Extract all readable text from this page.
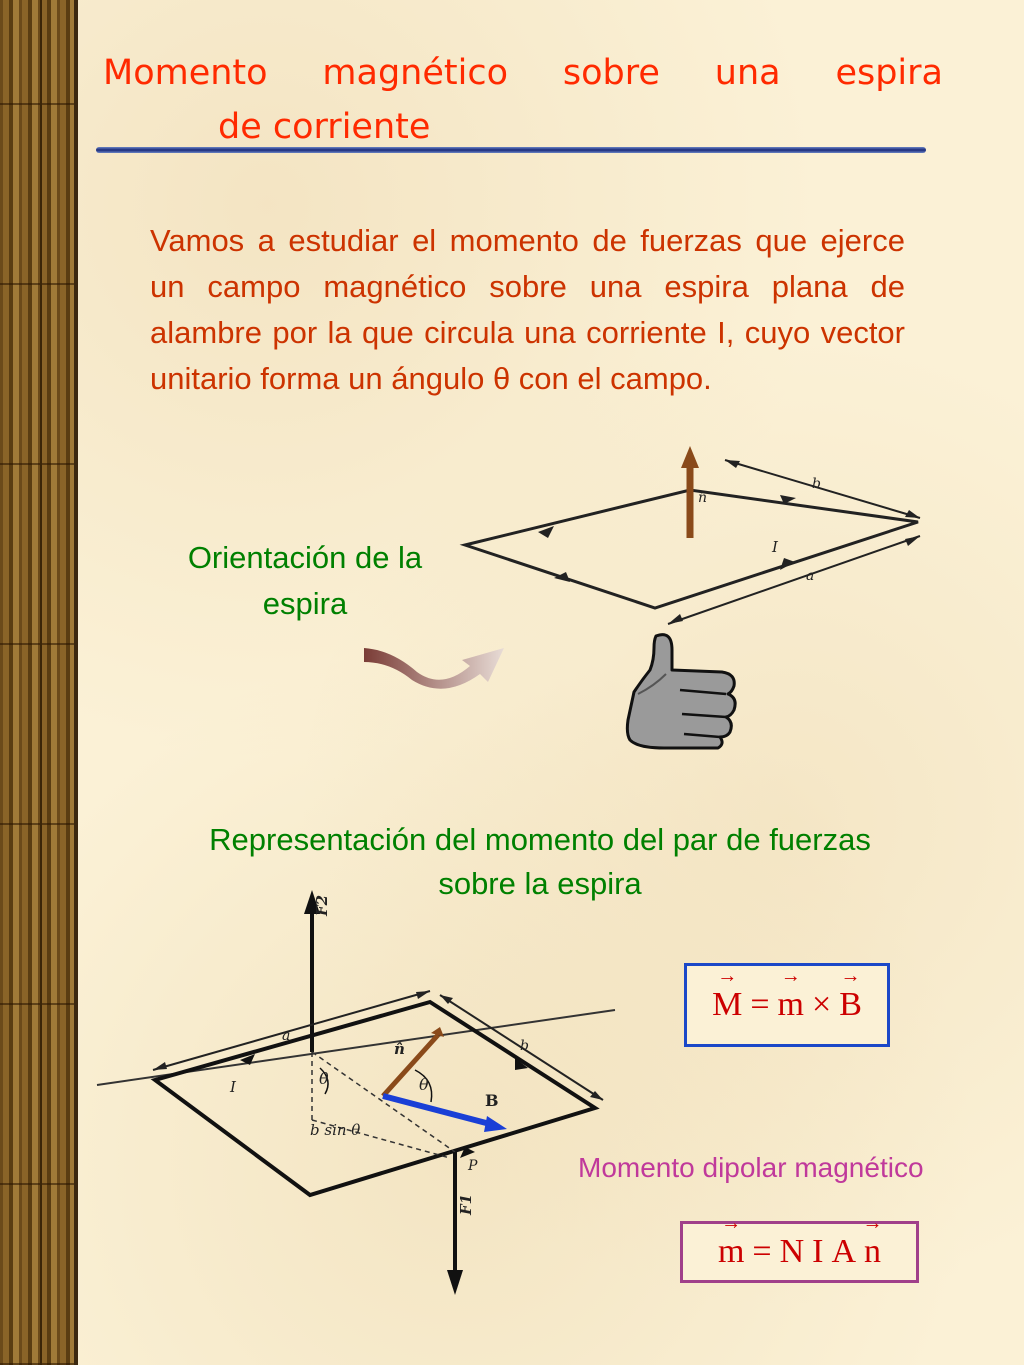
Momento magnético sobre una espira
de corriente

Vamos a estudiar el momento de fuerzas que ejerce un campo magnético sobre una espira plana de alambre por la que circula una corriente I, cuyo vector unitario forma un ángulo θ con el campo.

Orientación de la espira

n̂
b
I
a

Representación del momento del par de fuerzas sobre la espira

F2
a
b
I	θ
b sin θ
n̂
θ
B
P
F1
→ M = → m × → B

Momento dipolar magnético

→ m = N I A → n
